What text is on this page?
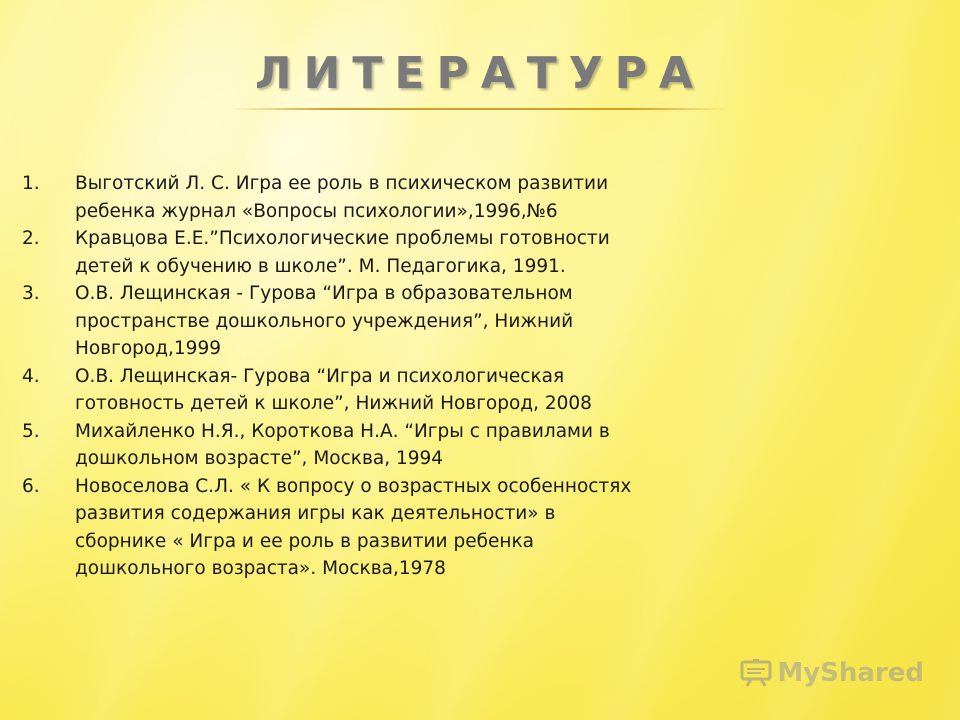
ЛИТЕРАТУРА
1.	Выготский Л. С. Игра ее роль в психическом развитии ребенка журнал «Вопросы психологии»,1996,№6
2.	Кравцова Е.Е.”Психологические проблемы готовности детей к обучению в школе”. М. Педагогика, 1991.
3.	О.В. Лещинская - Гурова “Игра в образовательном пространстве дошкольного учреждения”, Нижний Новгород,1999
4.	О.В. Лещинская- Гурова “Игра и психологическая готовность детей к школе”, Нижний Новгород, 2008
5.	Михайленко Н.Я., Короткова Н.А. “Игры с правилами в дошкольном возрасте”, Москва, 1994
6.	Новоселова С.Л. « К вопросу о возрастных особенностях развития содержания игры как деятельности» в сборнике « Игра и ее роль в развитии ребенка дошкольного возраста». Москва,1978
MyShared
